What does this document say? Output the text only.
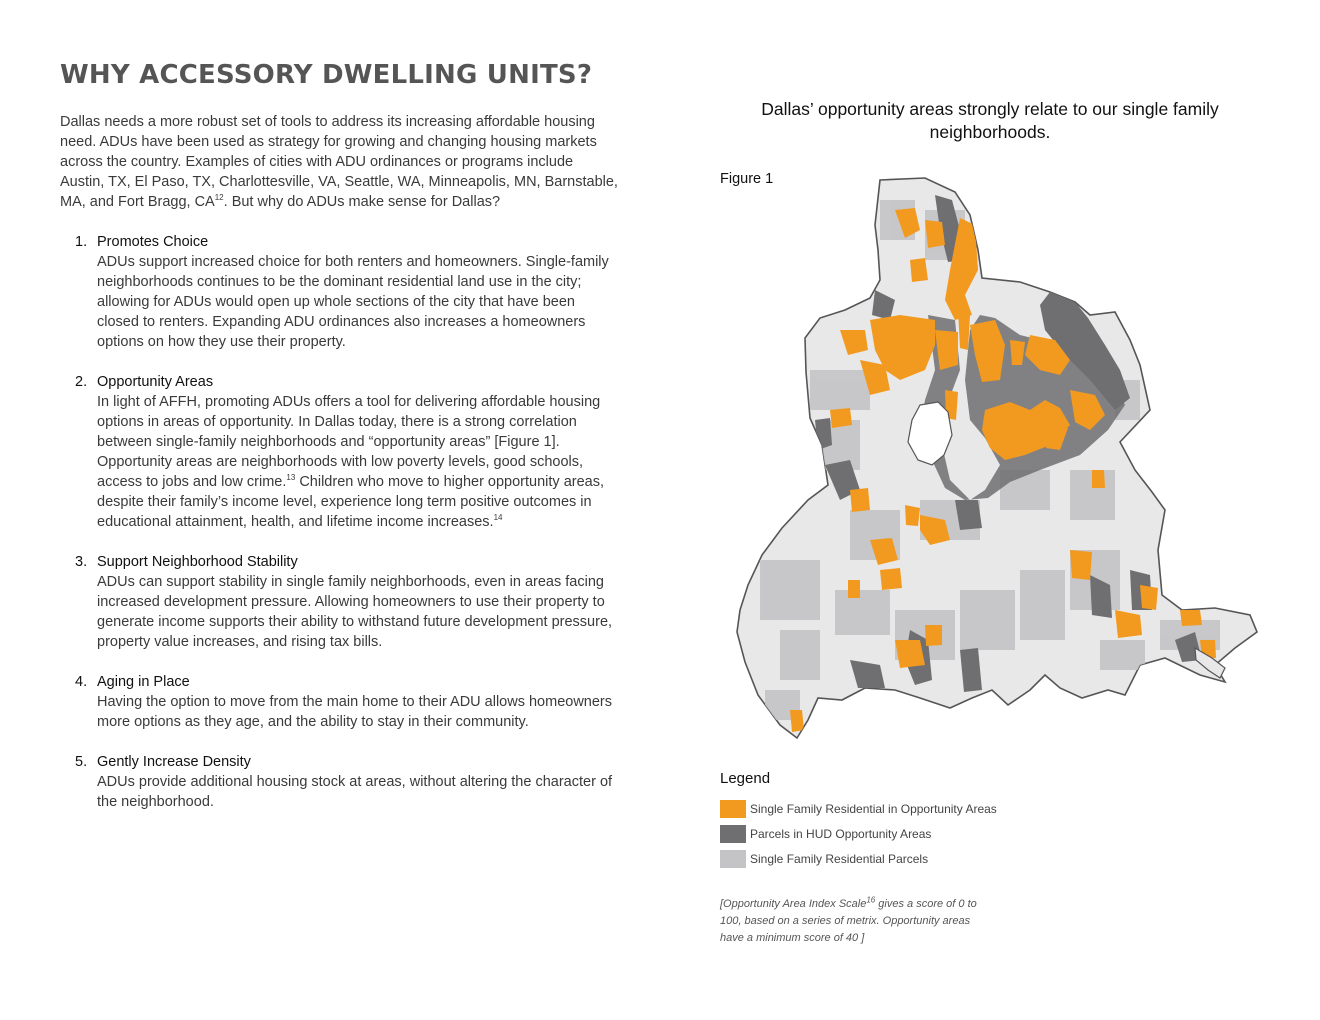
WHY ACCESSORY DWELLING UNITS?

Dallas needs a more robust set of tools to address its increasing affordable housing need. ADUs have been used as strategy for growing and changing housing markets across the country. Examples of cities with ADU ordinances or programs include Austin, TX, El Paso, TX, Charlottesville, VA, Seattle, WA, Minneapolis, MN, Barnstable, MA, and Fort Bragg, CA$^{12}$. But why do ADUs make sense for Dallas?

1. Promotes Choice
ADUs support increased choice for both renters and homeowners. Single-family neighborhoods continues to be the dominant residential land use in the city; allowing for ADUs would open up whole sections of the city that have been closed to renters. Expanding ADU ordinances also increases a homeowners options on how they use their property.
2. Opportunity Areas
In light of AFFH, promoting ADUs offers a tool for delivering affordable housing options in areas of opportunity. In Dallas today, there is a strong correlation between single-family neighborhoods and “opportunity areas” [Figure 1]. Opportunity areas are neighborhoods with low poverty levels, good schools, access to jobs and low crime.$^{13}$ Children who move to higher opportunity areas, despite their family’s income level, experience long term positive outcomes in educational attainment, health, and lifetime income increases.$^{14}$
3. Support Neighborhood Stability
ADUs can support stability in single family neighborhoods, even in areas facing increased development pressure. Allowing homeowners to use their property to generate income supports their ability to withstand future development pressure, property value increases, and rising tax bills.
4. Aging in Place
Having the option to move from the main home to their ADU allows homeowners more options as they age, and the ability to stay in their community.
5. Gently Increase Density
ADUs provide additional housing stock at areas, without altering the character of the neighborhood.
Dallas’ opportunity areas strongly relate to our single family neighborhoods.
Figure 1
Legend
Single Family Residential in Opportunity Areas
Parcels in HUD Opportunity Areas
Single Family Residential Parcels
[Opportunity Area Index Scale$^{16}$ gives a score of 0 to 100, based on a series of metrix. Opportunity areas have a minimum score of 40 ]
